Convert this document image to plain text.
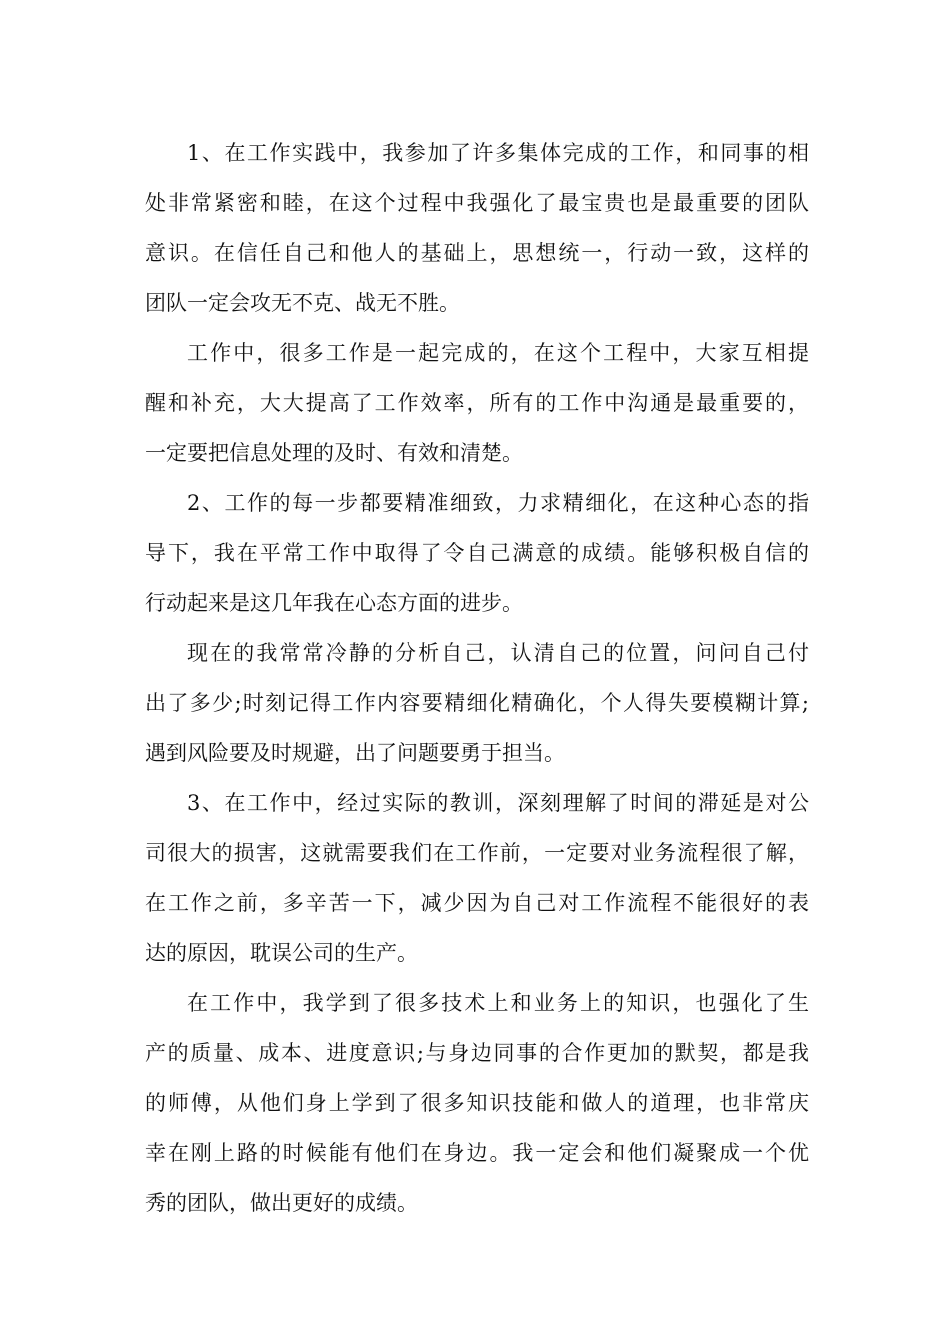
1、在工作实践中，我参加了许多集体完成的工作，和同事的相
处非常紧密和睦，在这个过程中我强化了最宝贵也是最重要的团队
意识。在信任自己和他人的基础上，思想统一，行动一致，这样的
团队一定会攻无不克、战无不胜。
工作中，很多工作是一起完成的，在这个工程中，大家互相提
醒和补充，大大提高了工作效率，所有的工作中沟通是最重要的，
一定要把信息处理的及时、有效和清楚。
2、工作的每一步都要精准细致，力求精细化，在这种心态的指
导下，我在平常工作中取得了令自己满意的成绩。能够积极自信的
行动起来是这几年我在心态方面的进步。
现在的我常常冷静的分析自己，认清自己的位置，问问自己付
出了多少;时刻记得工作内容要精细化精确化，个人得失要模糊计算;
遇到风险要及时规避，出了问题要勇于担当。
3、在工作中，经过实际的教训，深刻理解了时间的滞延是对公
司很大的损害，这就需要我们在工作前，一定要对业务流程很了解，
在工作之前，多辛苦一下，减少因为自己对工作流程不能很好的表
达的原因，耽误公司的生产。
在工作中，我学到了很多技术上和业务上的知识，也强化了生
产的质量、成本、进度意识;与身边同事的合作更加的默契，都是我
的师傅，从他们身上学到了很多知识技能和做人的道理，也非常庆
幸在刚上路的时候能有他们在身边。我一定会和他们凝聚成一个优
秀的团队，做出更好的成绩。
